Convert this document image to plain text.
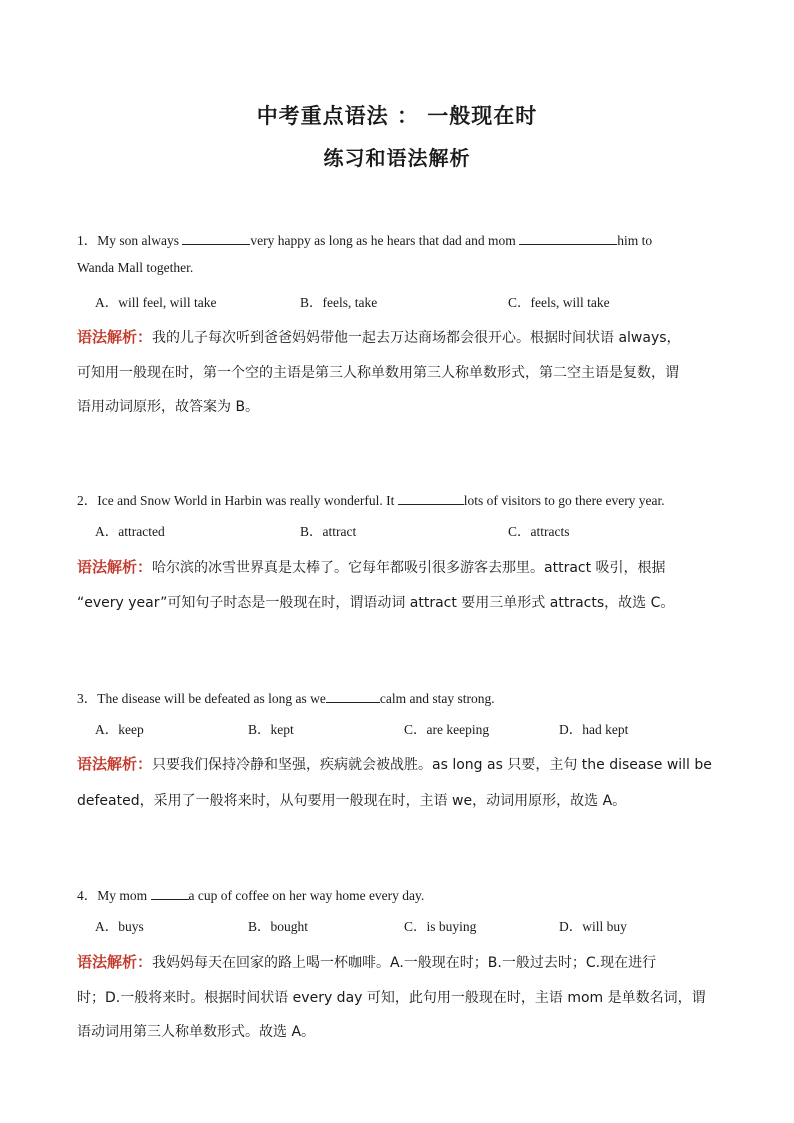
中考重点语法 ： 一般现在时
练习和语法解析
1．My son always	very happy as long as he hears that dad and mom	him to
Wanda Mall together.
A．will feel, will take	B．feels, take	C．feels, will take
语法解析：我的儿子每次听到爸爸妈妈带他一起去万达商场都会很开心。根据时间状语 always，
可知用一般现在时，第一个空的主语是第三人称单数用第三人称单数形式，第二空主语是复数，谓
语用动词原形，故答案为 B。
2．Ice and Snow World in Harbin was really wonderful. It	lots of visitors to go there every year.
A．attracted	B．attract	C．attracts
语法解析：哈尔滨的冰雪世界真是太棒了。它每年都吸引很多游客去那里。attract 吸引，根据
“every year”可知句子时态是一般现在时，谓语动词 attract 要用三单形式 attracts，故选 C。
3．The disease will be defeated as long as we	calm and stay strong.
A．keep	B．kept	C．are keeping	D．had kept
语法解析：只要我们保持冷静和坚强，疾病就会被战胜。as long as 只要，主句 the disease will be
defeated，采用了一般将来时，从句要用一般现在时，主语 we，动词用原形，故选 A。
4．My mom	a cup of coffee on her way home every day.
A．buys	B．bought	C．is buying	D．will buy
语法解析：我妈妈每天在回家的路上喝一杯咖啡。A.一般现在时；B.一般过去时；C.现在进行
时；D.一般将来时。根据时间状语 every day 可知，此句用一般现在时，主语 mom 是单数名词，谓
语动词用第三人称单数形式。故选 A。
